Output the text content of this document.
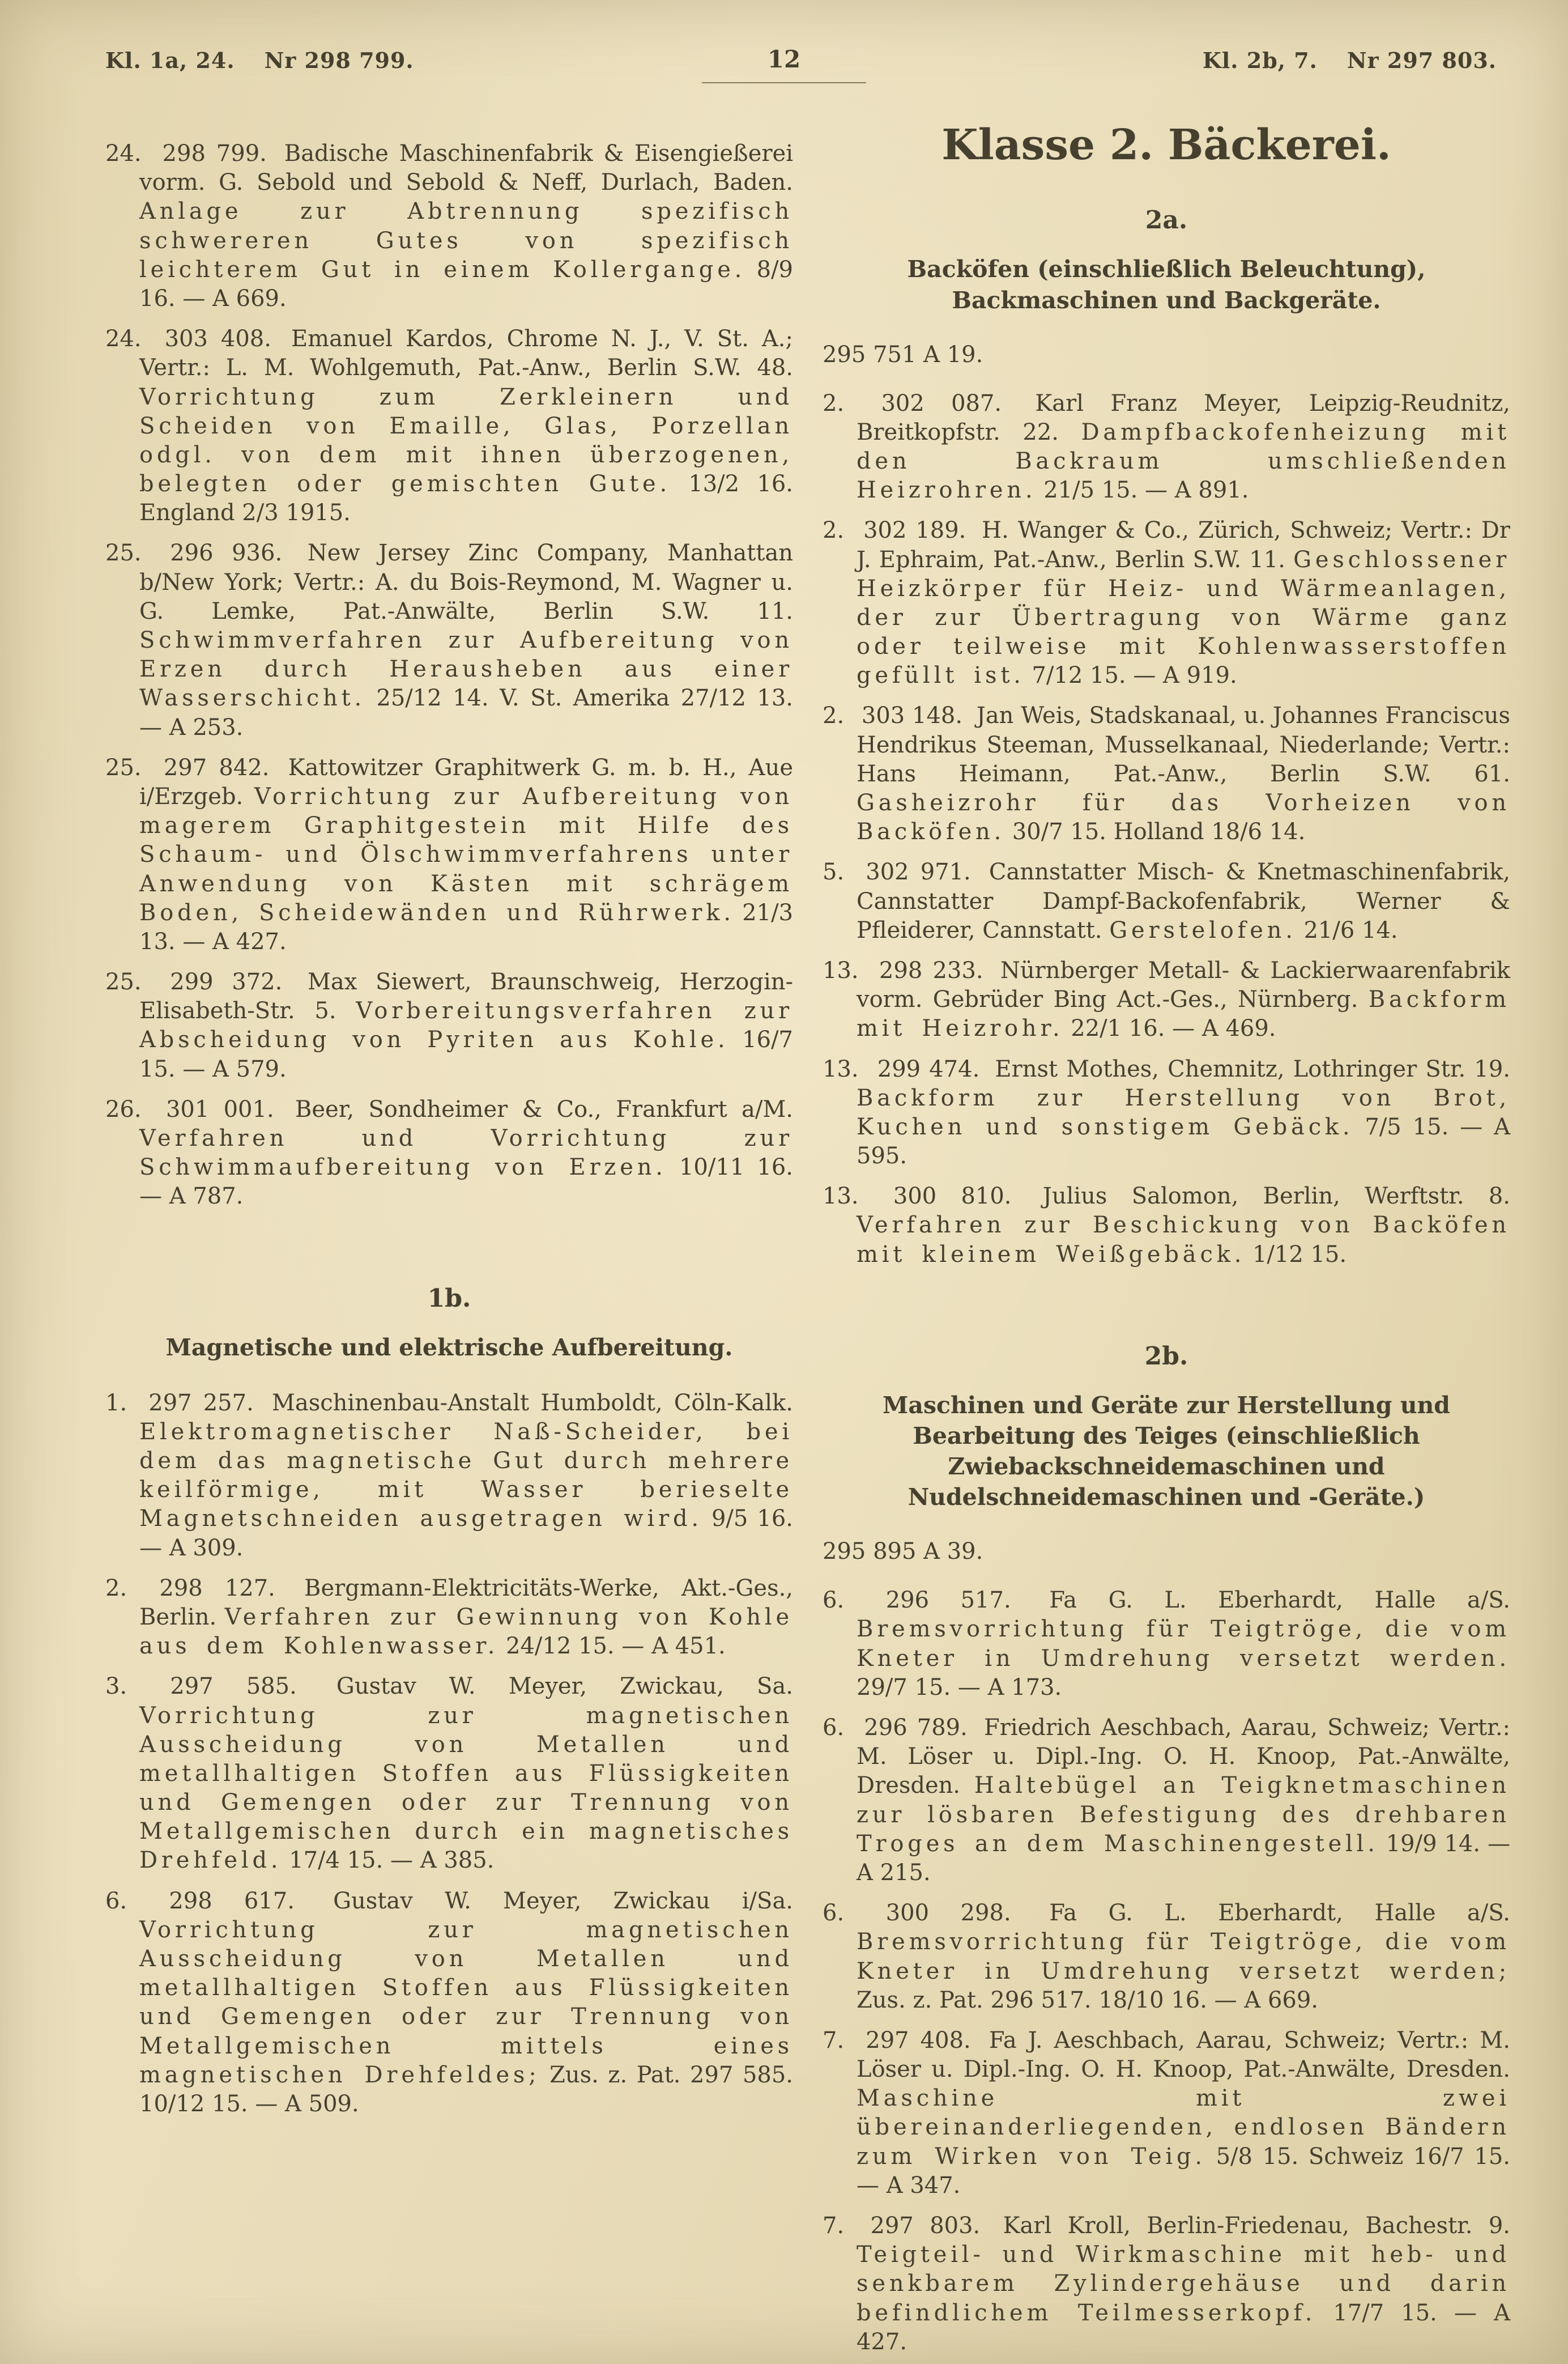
Kl. 1a, 24. Nr 298 799.	12	Kl. 2b, 7. Nr 297 803.

24. 298 799. Badische Maschinenfabrik & Eisengießerei vorm. G. Sebold und Sebold & Neff, Durlach, Baden. Anlage zur Abtrennung spezifisch schwereren Gutes von spezifisch leichterem Gut in einem Kollergange. 8/9 16. — A 669.

24. 303 408. Emanuel Kardos, Chrome N. J., V. St. A.; Vertr.: L. M. Wohlgemuth, Pat.-Anw., Berlin S.W. 48. Vorrichtung zum Zerkleinern und Scheiden von Emaille, Glas, Porzellan odgl. von dem mit ihnen überzogenen, belegten oder gemischten Gute. 13/2 16. England 2/3 1915.

25. 296 936. New Jersey Zinc Company, Manhattan b/New York; Vertr.: A. du Bois-Reymond, M. Wagner u. G. Lemke, Pat.-Anwälte, Berlin S.W. 11. Schwimmverfahren zur Aufbereitung von Erzen durch Herausheben aus einer Wasserschicht. 25/12 14. V. St. Amerika 27/12 13. — A 253.

25. 297 842. Kattowitzer Graphitwerk G. m. b. H., Aue i/Erzgeb. Vorrichtung zur Aufbereitung von magerem Graphitgestein mit Hilfe des Schaum- und Ölschwimmverfahrens unter Anwendung von Kästen mit schrägem Boden, Scheidewänden und Rührwerk. 21/3 13. — A 427.

25. 299 372. Max Siewert, Braunschweig, Herzogin-Elisabeth-Str. 5. Vorbereitungsverfahren zur Abscheidung von Pyriten aus Kohle. 16/7 15. — A 579.

26. 301 001. Beer, Sondheimer & Co., Frankfurt a/M. Verfahren und Vorrichtung zur Schwimmaufbereitung von Erzen. 10/11 16. — A 787.

1b.
Magnetische und elektrische Aufbereitung.

1. 297 257. Maschinenbau-Anstalt Humboldt, Cöln-Kalk. Elektromagnetischer Naß-Scheider, bei dem das magnetische Gut durch mehrere keilförmige, mit Wasser berieselte Magnetschneiden ausgetragen wird. 9/5 16. — A 309.

2. 298 127. Bergmann-Elektricitäts-Werke, Akt.-Ges., Berlin. Verfahren zur Gewinnung von Kohle aus dem Kohlenwasser. 24/12 15. — A 451.

3. 297 585. Gustav W. Meyer, Zwickau, Sa. Vorrichtung zur magnetischen Ausscheidung von Metallen und metallhaltigen Stoffen aus Flüssigkeiten und Gemengen oder zur Trennung von Metallgemischen durch ein magnetisches Drehfeld. 17/4 15. — A 385.

6. 298 617. Gustav W. Meyer, Zwickau i/Sa. Vorrichtung zur magnetischen Ausscheidung von Metallen und metallhaltigen Stoffen aus Flüssigkeiten und Gemengen oder zur Trennung von Metallgemischen mittels eines magnetischen Drehfeldes; Zus. z. Pat. 297 585. 10/12 15. — A 509.

Klasse 2. Bäckerei.
2a.
Backöfen (einschließlich Beleuchtung), Backmaschinen und Backgeräte.

295 751 A 19.

2. 302 087. Karl Franz Meyer, Leipzig-Reudnitz, Breitkopfstr. 22. Dampfbackofenheizung mit den Backraum umschließenden Heizrohren. 21/5 15. — A 891.

2. 302 189. H. Wanger & Co., Zürich, Schweiz; Vertr.: Dr J. Ephraim, Pat.-Anw., Berlin S.W. 11. Geschlossener Heizkörper für Heiz- und Wärmeanlagen, der zur Übertragung von Wärme ganz oder teilweise mit Kohlenwasserstoffen gefüllt ist. 7/12 15. — A 919.

2. 303 148. Jan Weis, Stadskanaal, u. Johannes Franciscus Hendrikus Steeman, Musselkanaal, Niederlande; Vertr.: Hans Heimann, Pat.-Anw., Berlin S.W. 61. Gasheizrohr für das Vorheizen von Backöfen. 30/7 15. Holland 18/6 14.

5. 302 971. Cannstatter Misch- & Knetmaschinenfabrik, Cannstatter Dampf-Backofenfabrik, Werner & Pfleiderer, Cannstatt. Gerstelofen. 21/6 14.

13. 298 233. Nürnberger Metall- & Lackierwaarenfabrik vorm. Gebrüder Bing Act.-Ges., Nürnberg. Backform mit Heizrohr. 22/1 16. — A 469.

13. 299 474. Ernst Mothes, Chemnitz, Lothringer Str. 19. Backform zur Herstellung von Brot, Kuchen und sonstigem Gebäck. 7/5 15. — A 595.

13. 300 810. Julius Salomon, Berlin, Werftstr. 8. Verfahren zur Beschickung von Backöfen mit kleinem Weißgebäck. 1/12 15.

2b.
Maschinen und Geräte zur Herstellung und Bearbeitung des Teiges (einschließlich Zwiebackschneidemaschinen und Nudelschneidemaschinen und -Geräte.)

295 895 A 39.

6. 296 517. Fa G. L. Eberhardt, Halle a/S. Bremsvorrichtung für Teigtröge, die vom Kneter in Umdrehung versetzt werden. 29/7 15. — A 173.

6. 296 789. Friedrich Aeschbach, Aarau, Schweiz; Vertr.: M. Löser u. Dipl.-Ing. O. H. Knoop, Pat.-Anwälte, Dresden. Haltebügel an Teigknetmaschinen zur lösbaren Befestigung des drehbaren Troges an dem Maschinengestell. 19/9 14. — A 215.

6. 300 298. Fa G. L. Eberhardt, Halle a/S. Bremsvorrichtung für Teigtröge, die vom Kneter in Umdrehung versetzt werden; Zus. z. Pat. 296 517. 18/10 16. — A 669.

7. 297 408. Fa J. Aeschbach, Aarau, Schweiz; Vertr.: M. Löser u. Dipl.-Ing. O. H. Knoop, Pat.-Anwälte, Dresden. Maschine mit zwei übereinanderliegenden, endlosen Bändern zum Wirken von Teig. 5/8 15. Schweiz 16/7 15. — A 347.

7. 297 803. Karl Kroll, Berlin-Friedenau, Bachestr. 9. Teigteil- und Wirkmaschine mit heb- und senkbarem Zylindergehäuse und darin befindlichem Teilmesserkopf. 17/7 15. — A 427.
